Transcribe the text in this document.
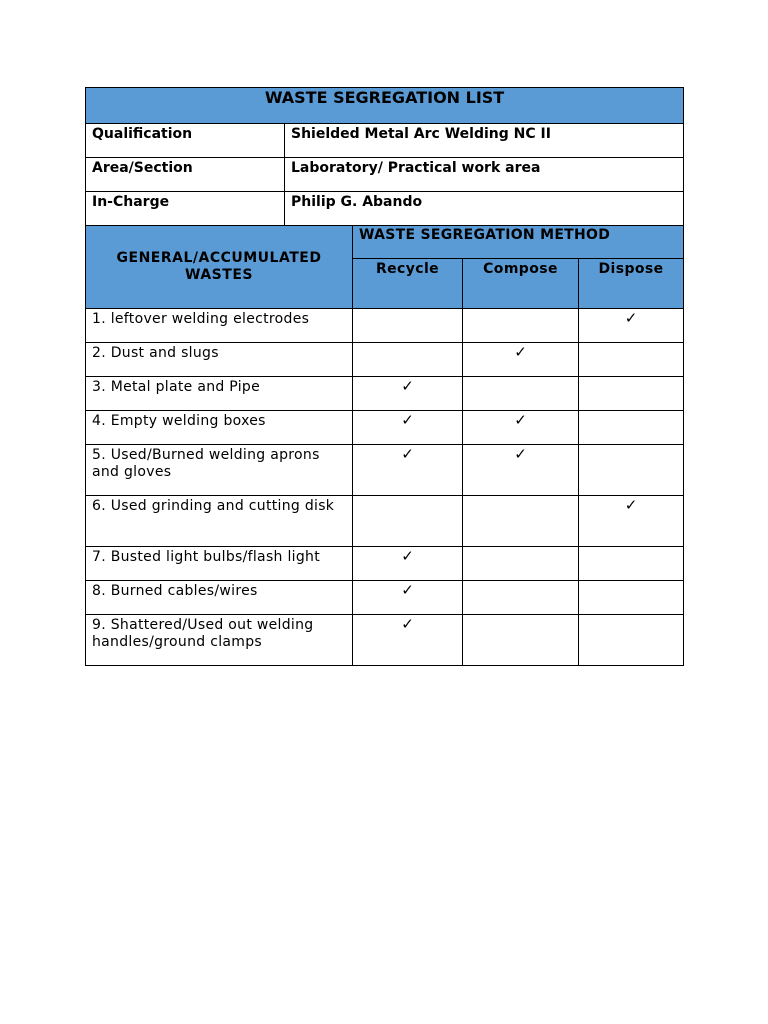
WASTE SEGREGATION LIST				
Qualification	Shielded Metal Arc Welding NC II			
Area/Section	Laboratory/ Practical work area			
In-Charge	Philip G. Abando			
GENERAL/ACCUMULATED WASTES		WASTE SEGREGATION METHOD		
		Recycle	Compose	Dispose
1. leftover welding electrodes				✓
2. Dust and slugs			✓	
3. Metal plate and Pipe		✓		
4. Empty welding boxes		✓	✓	
5. Used/Burned welding aprons and gloves		✓	✓	
6. Used grinding and cutting disk				✓
7. Busted light bulbs/flash light		✓		
8. Burned cables/wires		✓		
9. Shattered/Used out welding handles/ground clamps		✓		
